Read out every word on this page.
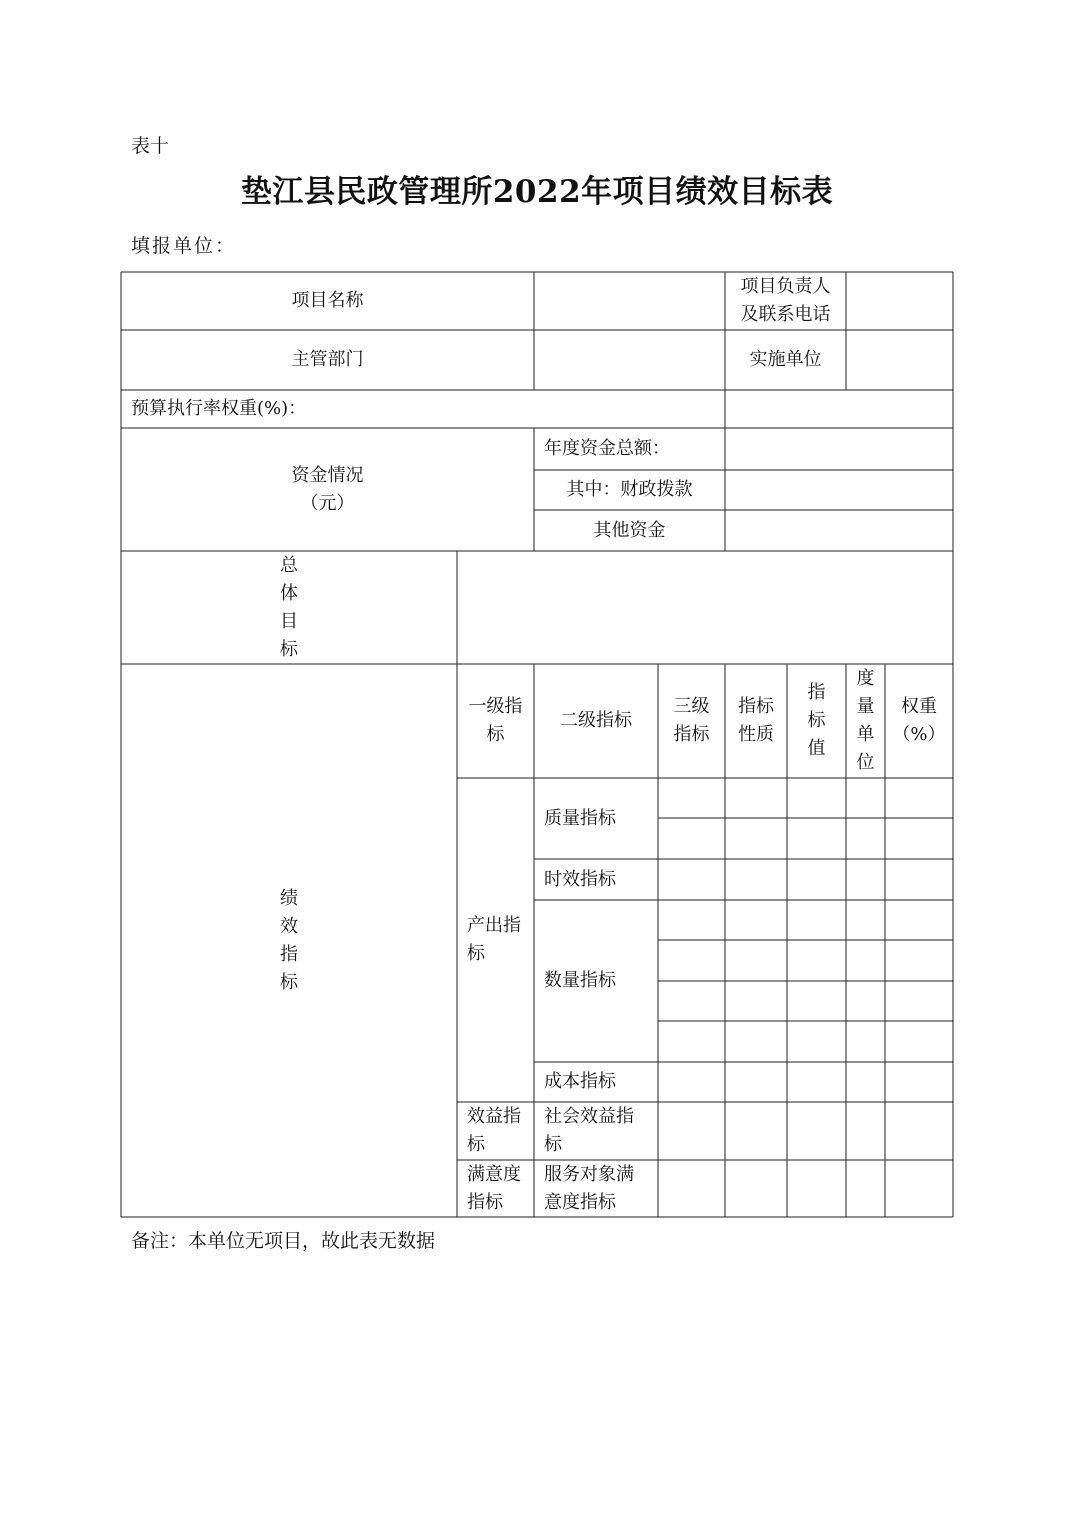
表十
垫江县民政管理所2022年项目绩效目标表
填报单位：
项目名称
项目负责人
及联系电话
主管部门	实施单位
预算执行率权重(%)：
资金情况
（元）
年度资金总额：
其中：财政拨款
其他资金
总
体
目
标
绩
效
指
标
一级指
标
二级指标
三级
指标
指标
性质
指
标
值
度
量
单
位
权重
（%）
产出指
标
质量指标
时效指标
数量指标
成本指标
效益指
标
社会效益指
标
满意度
指标
服务对象满
意度指标
备注：本单位无项目，故此表无数据
